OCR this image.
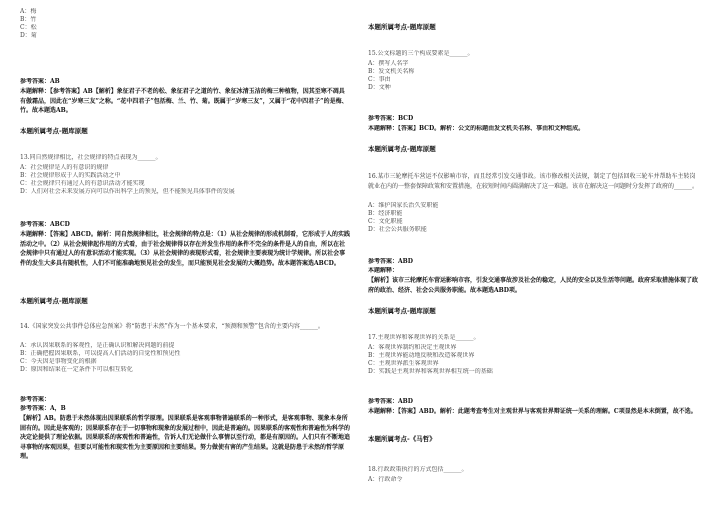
A：梅
B：竹
C：松
D：菊
参考答案：AB
本题解释：【参考答案】AB【解析】象征君子不老的松、象征君子之道的竹、象征冰清玉洁的梅三种植物，因其至寒不凋具有傲霜品，因此在“岁寒三友”之称。“花中四君子”包括梅、兰、竹、菊。既属于“岁寒三友”，又属于“花中四君子”的是梅、竹。故本题选AB。
本题所属考点-题库原题
13.同自然规律相比，社会规律的特点表现为______。
A：社会规律是人的有意识的规律
B：社会规律形成于人的实践活动之中
C：社会规律只有通过人的有意识活动才能实现
D：人们对社会未来发展方向可以作出科学上的预见，但不能预见具体事件的发展
参考答案：ABCD
本题解释：【答案】ABCD。解析：同自然规律相比，社会规律的特点是：（1）从社会规律的形成机制看，它形成于人的实践活动之中。（2）从社会规律起作用的方式看，由于社会规律得以存在并发生作用的条件不完全的条件是人的自由，所以在社会规律中只有通过人的有意识活动才能实现。（3）从社会规律的表现形式看，社会规律主要表现为统计学规律。所以社会事件的发生大多具有随机性，人们不可能准确地预见社会的发生，而只能预见社会发展的大概趋势。故本题答案选ABCD。
本题所属考点-题库原题
14.《国家突发公共事件总体应急预案》将“防患于未然”作为一个基本要求，“预测和预警”包含的主要内容______。
A：承认因果联系的客观性，是正确认识和解决问题的前提
B：正确把握因果联系，可以提高人们活动的自觉性和预见性
C：今天因是事物变化的根据
D：原因和结果在一定条件下可以相互转化
参考答案：
参考答案：A，B
【解析】AB。防患于未然体现出因果联系的哲学原理。因果联系是客观事物普遍联系的一种形式，是客观事物、现象本身所固有的。因此是客观的；因果联系存在于一切事物和现象的发展过程中，因此是普遍的。因果联系的客观性和普遍性为科学的决定论提供了理论依据。因果联系的客观性和普遍性，告诉人们无论做什么事情以至行动，都是有原因的。人们只有不断地追寻事物的客观因果，但要以可能性和现实性为主要原因和主要结果。努力做使有害的产生结果。这就是防患于未然的哲学原理。
本题所属考点-题库原题
15.公文标题的三个构成要素是______。
A：撰写人名字
B：发文机关名称
C：事由
D：文种
参考答案：BCD
本题解释：【答案】BCD。解析：公文的标题由发文机关名称、事由和文种组成。
本题所属考点-题库原题
16.某市三轮摩托车营运不仅影响市容，而且经常引发交通事故。该市修改相关法规，制定了包括回收三轮车并帮助车主转岗就业在内的一整套保障政策和安置措施，在较短时间内圆满解决了这一难题。该市在解决这一问题时分发挥了政府的______。
A：维护国家长治久安职能
B：经济职能
C：文化职能
D：社会公共服务职能
参考答案：ABD
本题解释：
【解析】该市三轮摩托车营运影响市容，引发交通事故涉及社会的稳定，人民的安全以及生活等问题。政府采取措施体现了政府的政治、经济、社会公共服务职能。故本题选ABD项。
本题所属考点-题库原题
17.主观世界和客观世界的关系是______。
A：客观世界制约和决定主观世界
B：主观世界能动地反映和改造客观世界
C：主观世界派生客观世界
D：实践是主观世界和客观世界相互统一的基础
参考答案：ABD
本题解释：【答案】ABD。解析：此题考查考生对主观世界与客观世界辩证统一关系的理解。C项显然是本末倒置，故不选。
本题所属考点-《马哲》
18.行政政策执行的方式包括______。
A：行政命令
